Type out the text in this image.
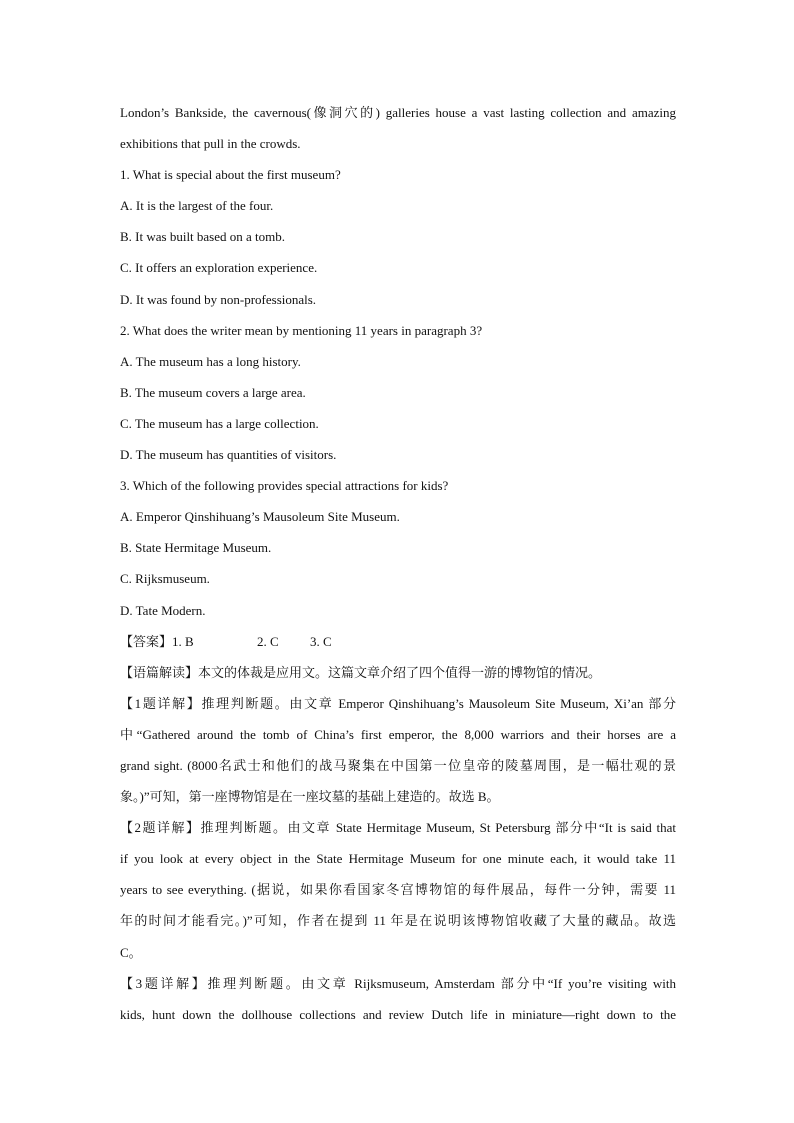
London’s Bankside, the cavernous(像洞穴的) galleries house a vast lasting collection and amazing
exhibitions that pull in the crowds.
1. What is special about the first museum?
A. It is the largest of the four.
B. It was built based on a tomb.
C. It offers an exploration experience.
D. It was found by non-professionals.
2. What does the writer mean by mentioning 11 years in paragraph 3?
A. The museum has a long history.
B. The museum covers a large area.
C. The museum has a large collection.
D. The museum has quantities of visitors.
3. Which of the following provides special attractions for kids?
A. Emperor Qinshihuang’s Mausoleum Site Museum.
B. State Hermitage Museum.
C. Rijksmuseum.
D. Tate Modern.
【答案】1. B	2. C 3. C
【语篇解读】本文的体裁是应用文。这篇文章介绍了四个值得一游的博物馆的情况。
【1题详解】推理判断题。由文章 Emperor Qinshihuang’s Mausoleum Site Museum, Xi’an 部分
中“Gathered around the tomb of China’s first emperor, the 8,000 warriors and their horses are a
grand sight. (8000名武士和他们的战马聚集在中国第一位皇帝的陵墓周围，是一幅壮观的景
象。)”可知，第一座博物馆是在一座坟墓的基础上建造的。故选 B。
【2题详解】推理判断题。由文章 State Hermitage Museum, St Petersburg 部分中“It is said that
if you look at every object in the State Hermitage Museum for one minute each, it would take 11
years to see everything. (据说，如果你看国家冬宫博物馆的每件展品，每件一分钟，需要 11
年的时间才能看完。)”可知，作者在提到 11 年是在说明该博物馆收藏了大量的藏品。故选
C。
【3题详解】推理判断题。由文章 Rijksmuseum, Amsterdam 部分中“If you’re visiting with
kids, hunt down the dollhouse collections and review Dutch life in miniature—right down to the
